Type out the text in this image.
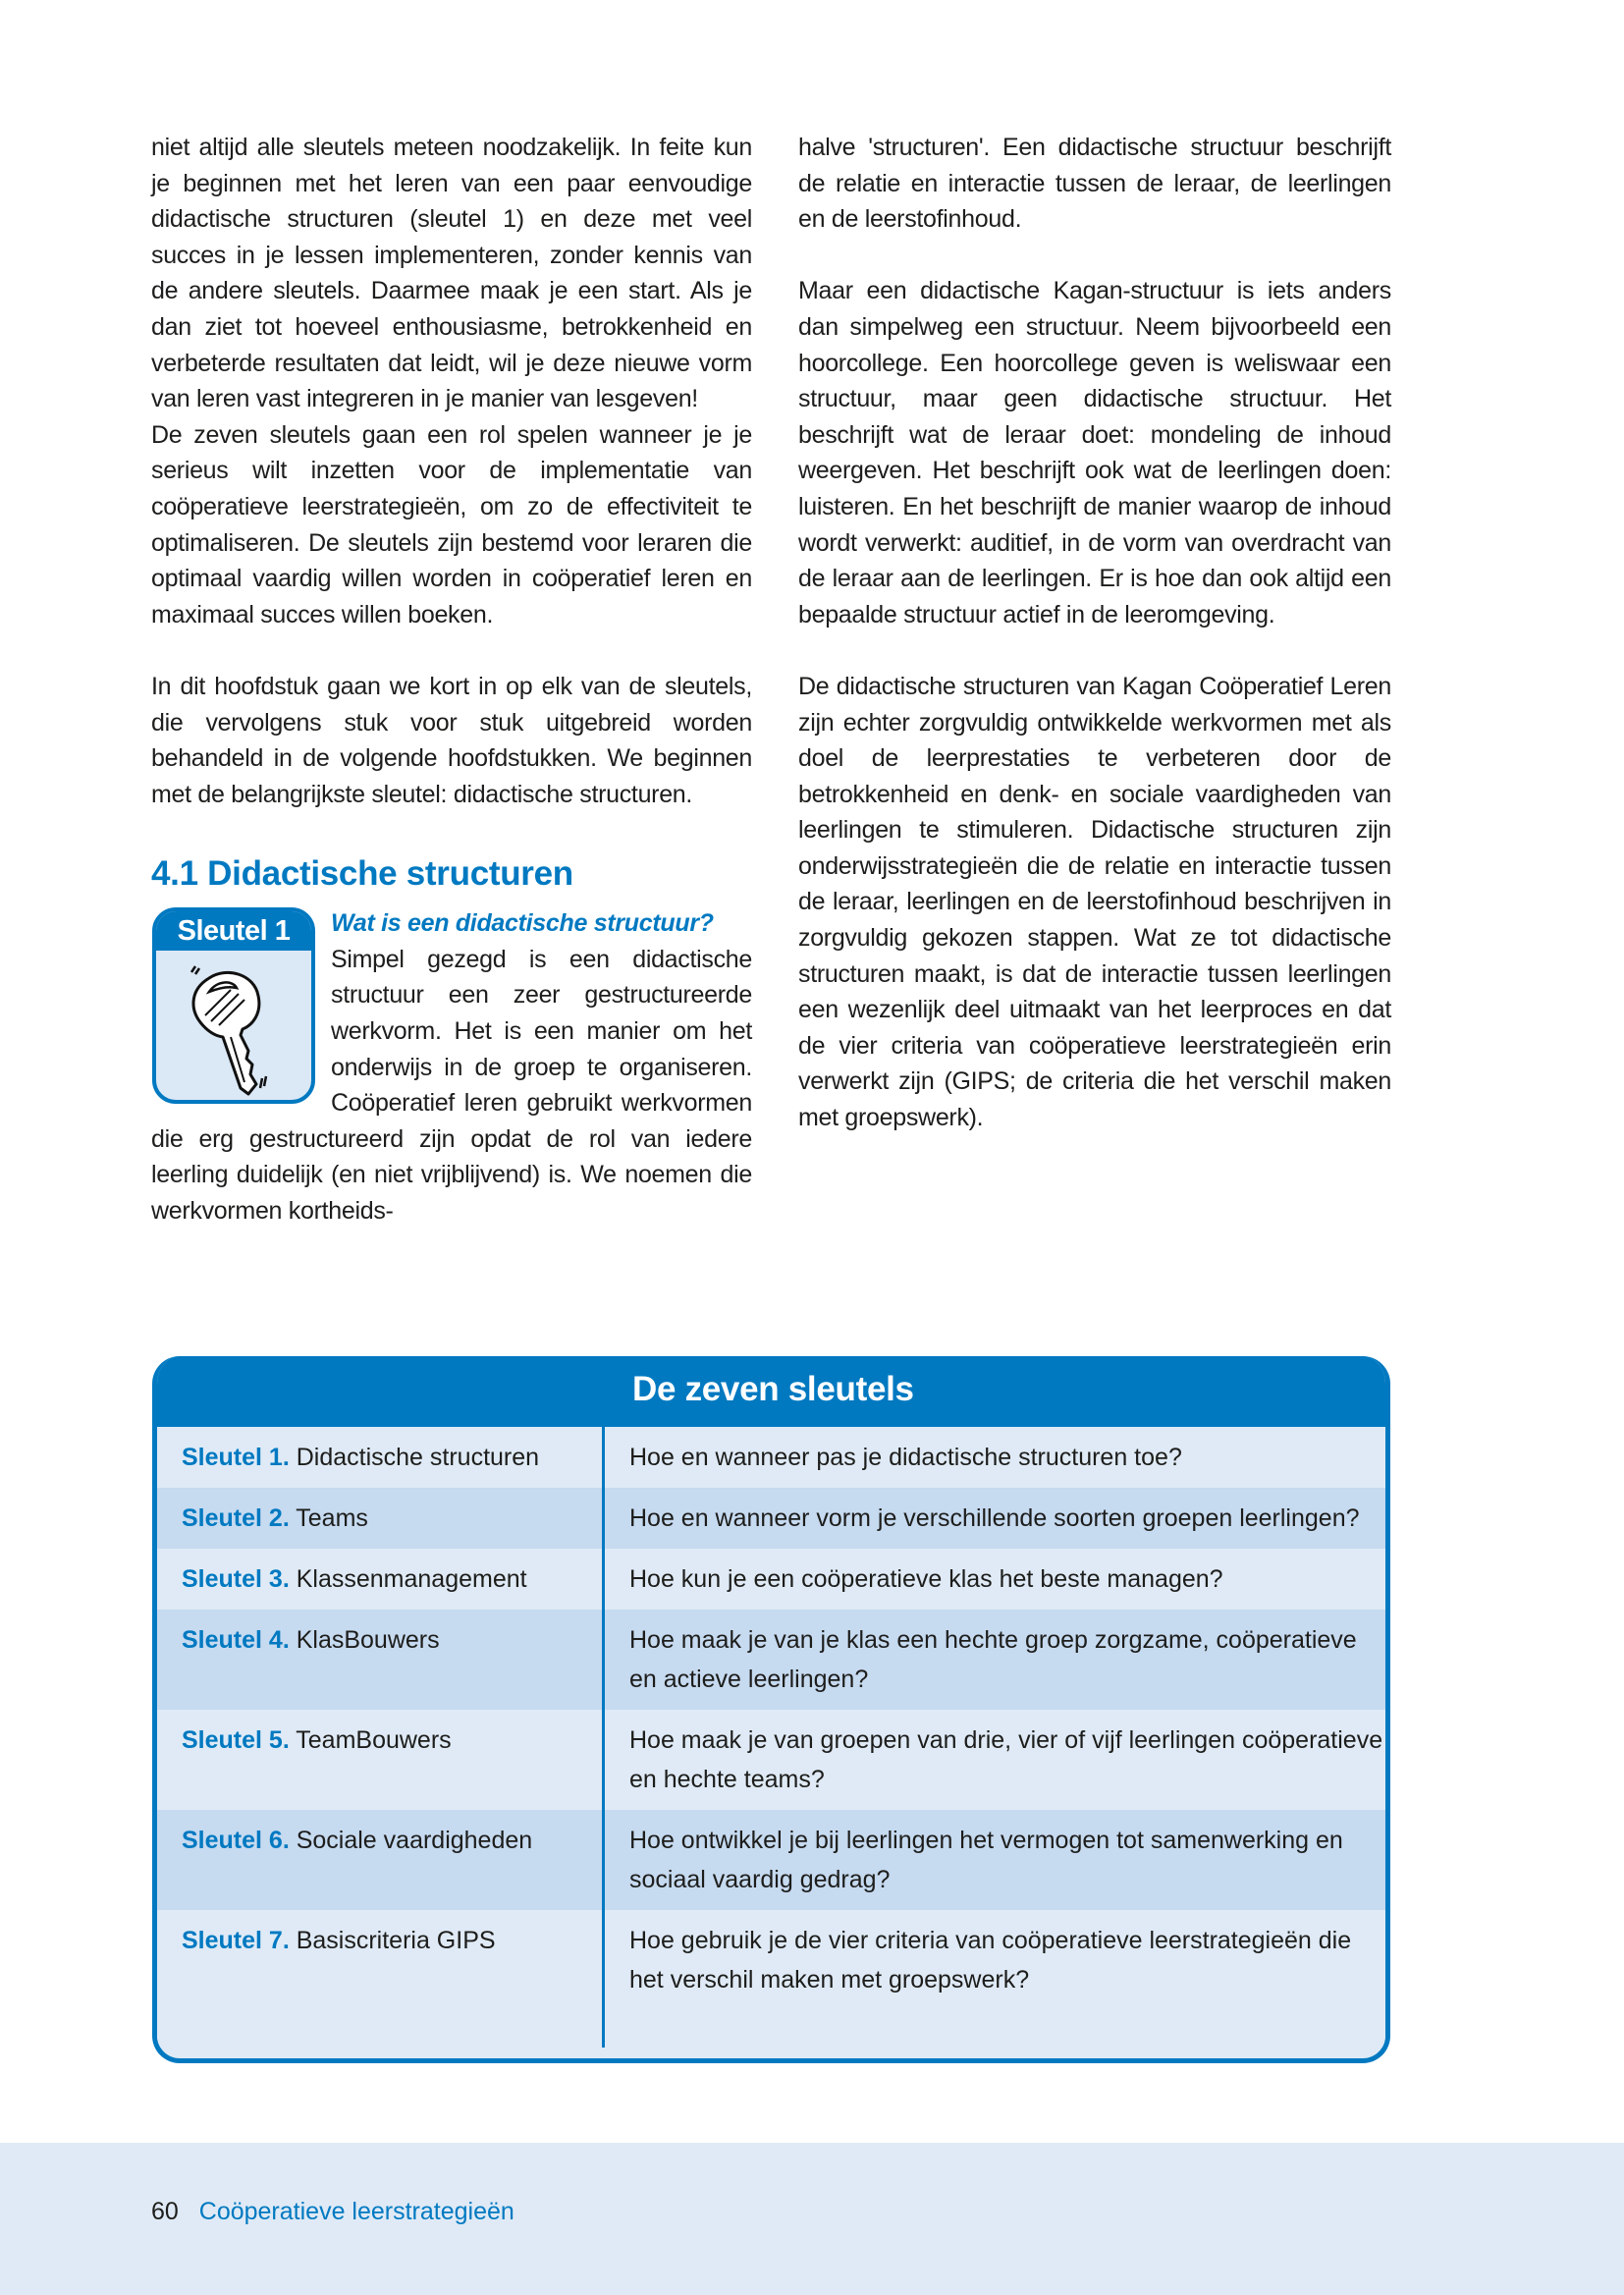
niet altijd alle sleutels meteen noodzakelijk. In feite kun je beginnen met het leren van een paar eenvoudige didactische structuren (sleutel 1) en deze met veel succes in je lessen implementeren, zonder kennis van de andere sleutels. Daarmee maak je een start. Als je dan ziet tot hoeveel enthousiasme, betrokkenheid en verbeterde resultaten dat leidt, wil je deze nieuwe vorm van leren vast integreren in je manier van lesgeven!

De zeven sleutels gaan een rol spelen wanneer je je serieus wilt inzetten voor de implementatie van coöperatieve leerstrategieën, om zo de effectiviteit te optimaliseren. De sleutels zijn bestemd voor leraren die optimaal vaardig willen worden in coöperatief leren en maximaal succes willen boeken.

In dit hoofdstuk gaan we kort in op elk van de sleutels, die vervolgens stuk voor stuk uitgebreid worden behandeld in de volgende hoofdstukken. We beginnen met de belangrijkste sleutel: didactische structuren.

4.1 Didactische structuren
Sleutel 1	Wat is een didactische structuur?

Simpel gezegd is een didactische structuur een zeer gestructureerde werkvorm. Het is een manier om het onderwijs in de groep te organiseren. Coöperatief leren gebruikt werkvormen die erg gestructureerd zijn opdat de rol van iedere leerling duidelijk (en niet vrijblijvend) is. We noemen die werkvormen kortheids-

halve 'structuren'. Een didactische structuur beschrijft de relatie en interactie tussen de leraar, de leerlingen en de leerstofinhoud.

Maar een didactische Kagan-structuur is iets anders dan simpelweg een structuur. Neem bijvoorbeeld een hoorcollege. Een hoorcollege geven is weliswaar een structuur, maar geen didactische structuur. Het beschrijft wat de leraar doet: mondeling de inhoud weergeven. Het beschrijft ook wat de leerlingen doen: luisteren. En het beschrijft de manier waarop de inhoud wordt verwerkt: auditief, in de vorm van overdracht van de leraar aan de leerlingen. Er is hoe dan ook altijd een bepaalde structuur actief in de leeromgeving.

De didactische structuren van Kagan Coöperatief Leren zijn echter zorgvuldig ontwikkelde werkvormen met als doel de leerprestaties te verbeteren door de betrokkenheid en denk- en sociale vaardigheden van leerlingen te stimuleren. Didactische structuren zijn onderwijsstrategieën die de relatie en interactie tussen de leraar, leerlingen en de leerstofinhoud beschrijven in zorgvuldig gekozen stappen. Wat ze tot didactische structuren maakt, is dat de interactie tussen leerlingen een wezenlijk deel uitmaakt van het leerproces en dat de vier criteria van coöperatieve leerstrategieën erin verwerkt zijn (GIPS; de criteria die het verschil maken met groepswerk).

De zeven sleutels
Sleutel 1. Didactische structuren	Hoe en wanneer pas je didactische structuren toe?
Sleutel 2. Teams	Hoe en wanneer vorm je verschillende soorten groepen leerlingen?
Sleutel 3. Klassenmanagement	Hoe kun je een coöperatieve klas het beste managen?
Sleutel 4. KlasBouwers	Hoe maak je van je klas een hechte groep zorgzame, coöperatieve en actieve leerlingen?
Sleutel 5. TeamBouwers	Hoe maak je van groepen van drie, vier of vijf leerlingen coöperatieve en hechte teams?
Sleutel 6. Sociale vaardigheden	Hoe ontwikkel je bij leerlingen het vermogen tot samenwerking en sociaal vaardig gedrag?
Sleutel 7. Basiscriteria GIPS	Hoe gebruik je de vier criteria van coöperatieve leerstrategieën die het verschil maken met groepswerk?
60 Coöperatieve leerstrategieën
